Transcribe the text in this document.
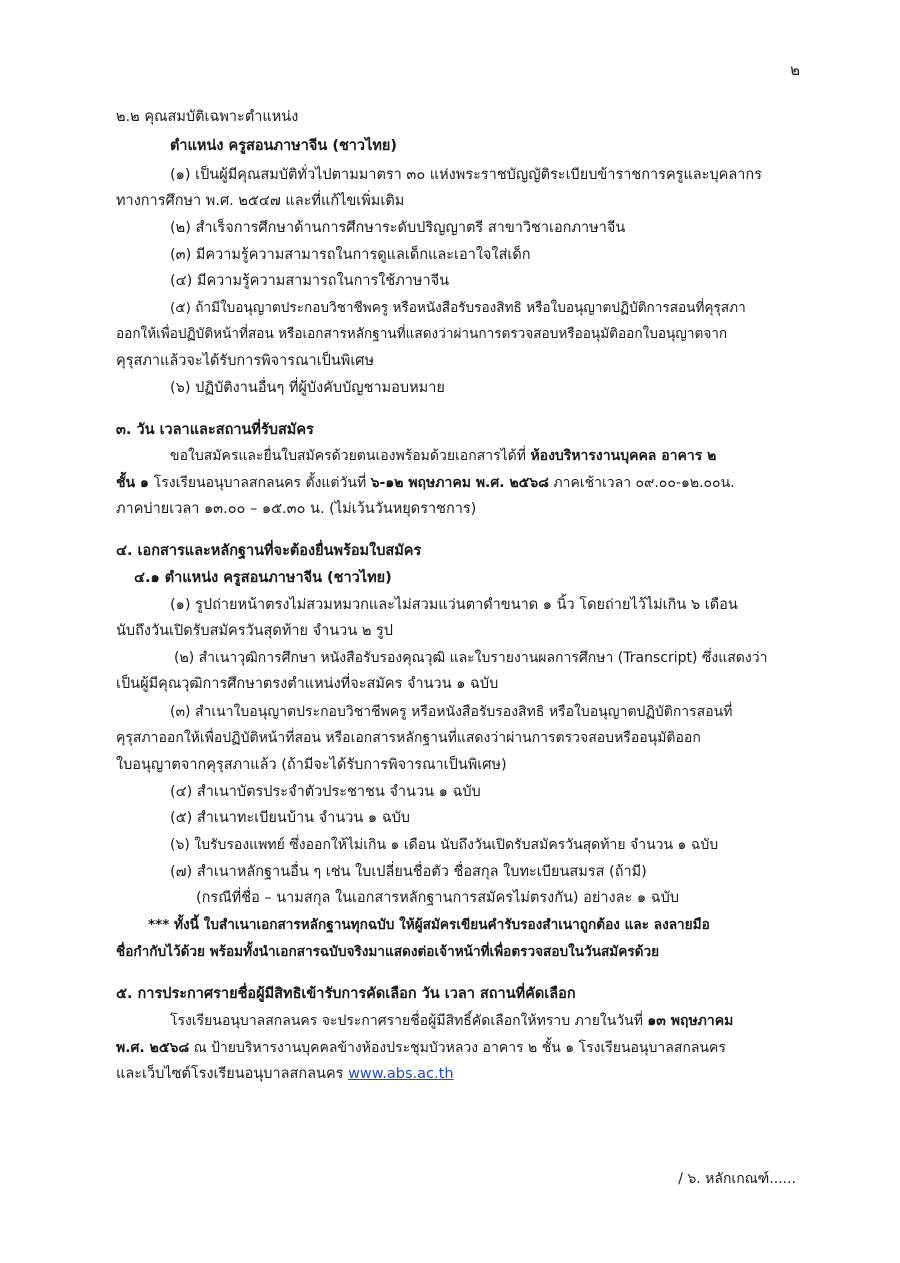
๒
๒.๒ คุณสมบัติเฉพาะตำแหน่ง
ตำแหน่ง ครูสอนภาษาจีน (ชาวไทย)
(๑) เป็นผู้มีคุณสมบัติทั่วไปตามมาตรา ๓๐ แห่งพระราชบัญญัติระเบียบข้าราชการครูและบุคลากร
ทางการศึกษา พ.ศ. ๒๕๔๗ และที่แก้ไขเพิ่มเติม
(๒) สำเร็จการศึกษาด้านการศึกษาระดับปริญญาตรี สาขาวิชาเอกภาษาจีน
(๓) มีความรู้ความสามารถในการดูแลเด็กและเอาใจใส่เด็ก
(๔) มีความรู้ความสามารถในการใช้ภาษาจีน
(๕) ถ้ามีใบอนุญาตประกอบวิชาชีพครู หรือหนังสือรับรองสิทธิ หรือใบอนุญาตปฏิบัติการสอนที่คุรุสภา
ออกให้เพื่อปฏิบัติหน้าที่สอน หรือเอกสารหลักฐานที่แสดงว่าผ่านการตรวจสอบหรืออนุมัติออกใบอนุญาตจาก
คุรุสภาแล้วจะได้รับการพิจารณาเป็นพิเศษ
(๖) ปฏิบัติงานอื่นๆ ที่ผู้บังคับบัญชามอบหมาย
๓. วัน เวลาและสถานที่รับสมัคร
ขอใบสมัครและยื่นใบสมัครด้วยตนเองพร้อมด้วยเอกสารได้ที่ ห้องบริหารงานบุคคล อาคาร ๒
ชั้น ๑ โรงเรียนอนุบาลสกลนคร ตั้งแต่วันที่ ๖-๑๒ พฤษภาคม พ.ศ. ๒๕๖๘ ภาคเช้าเวลา ๐๙.๐๐-๑๒.๐๐น.
ภาคบ่ายเวลา ๑๓.๐๐ – ๑๕.๓๐ น. (ไม่เว้นวันหยุดราชการ)
๔. เอกสารและหลักฐานที่จะต้องยื่นพร้อมใบสมัคร
๔.๑ ตำแหน่ง ครูสอนภาษาจีน (ชาวไทย)
(๑) รูปถ่ายหน้าตรงไม่สวมหมวกและไม่สวมแว่นตาดำขนาด ๑ นิ้ว โดยถ่ายไว้ไม่เกิน ๖ เดือน
นับถึงวันเปิดรับสมัครวันสุดท้าย จำนวน ๒ รูป
(๒) สำเนาวุฒิการศึกษา หนังสือรับรองคุณวุฒิ และใบรายงานผลการศึกษา (Transcript) ซึ่งแสดงว่า
เป็นผู้มีคุณวุฒิการศึกษาตรงตำแหน่งที่จะสมัคร จำนวน ๑ ฉบับ
(๓) สำเนาใบอนุญาตประกอบวิชาชีพครู หรือหนังสือรับรองสิทธิ หรือใบอนุญาตปฏิบัติการสอนที่
คุรุสภาออกให้เพื่อปฏิบัติหน้าที่สอน หรือเอกสารหลักฐานที่แสดงว่าผ่านการตรวจสอบหรืออนุมัติออก
ใบอนุญาตจากคุรุสภาแล้ว (ถ้ามีจะได้รับการพิจารณาเป็นพิเศษ)
(๔) สำเนาบัตรประจำตัวประชาชน จำนวน ๑ ฉบับ
(๕) สำเนาทะเบียนบ้าน จำนวน ๑ ฉบับ
(๖) ใบรับรองแพทย์ ซึ่งออกให้ไม่เกิน ๑ เดือน นับถึงวันเปิดรับสมัครวันสุดท้าย จำนวน ๑ ฉบับ
(๗) สำเนาหลักฐานอื่น ๆ เช่น ใบเปลี่ยนชื่อตัว ชื่อสกุล ใบทะเบียนสมรส (ถ้ามี)
(กรณีที่ชื่อ – นามสกุล ในเอกสารหลักฐานการสมัครไม่ตรงกัน) อย่างละ ๑ ฉบับ
*** ทั้งนี้ ใบสำเนาเอกสารหลักฐานทุกฉบับ ให้ผู้สมัครเขียนคำรับรองสำเนาถูกต้อง และ ลงลายมือ
ชื่อกำกับไว้ด้วย พร้อมทั้งนำเอกสารฉบับจริงมาแสดงต่อเจ้าหน้าที่เพื่อตรวจสอบในวันสมัครด้วย
๕. การประกาศรายชื่อผู้มีสิทธิเข้ารับการคัดเลือก วัน เวลา สถานที่คัดเลือก
โรงเรียนอนุบาลสกลนคร จะประกาศรายชื่อผู้มีสิทธิ์คัดเลือกให้ทราบ ภายในวันที่ ๑๓ พฤษภาคม
พ.ศ. ๒๕๖๘ ณ ป้ายบริหารงานบุคคลข้างห้องประชุมบัวหลวง อาคาร ๒ ชั้น ๑ โรงเรียนอนุบาลสกลนคร
และเว็บไซต์โรงเรียนอนุบาลสกลนคร www.abs.ac.th
/ ๖. หลักเกณฑ์......
